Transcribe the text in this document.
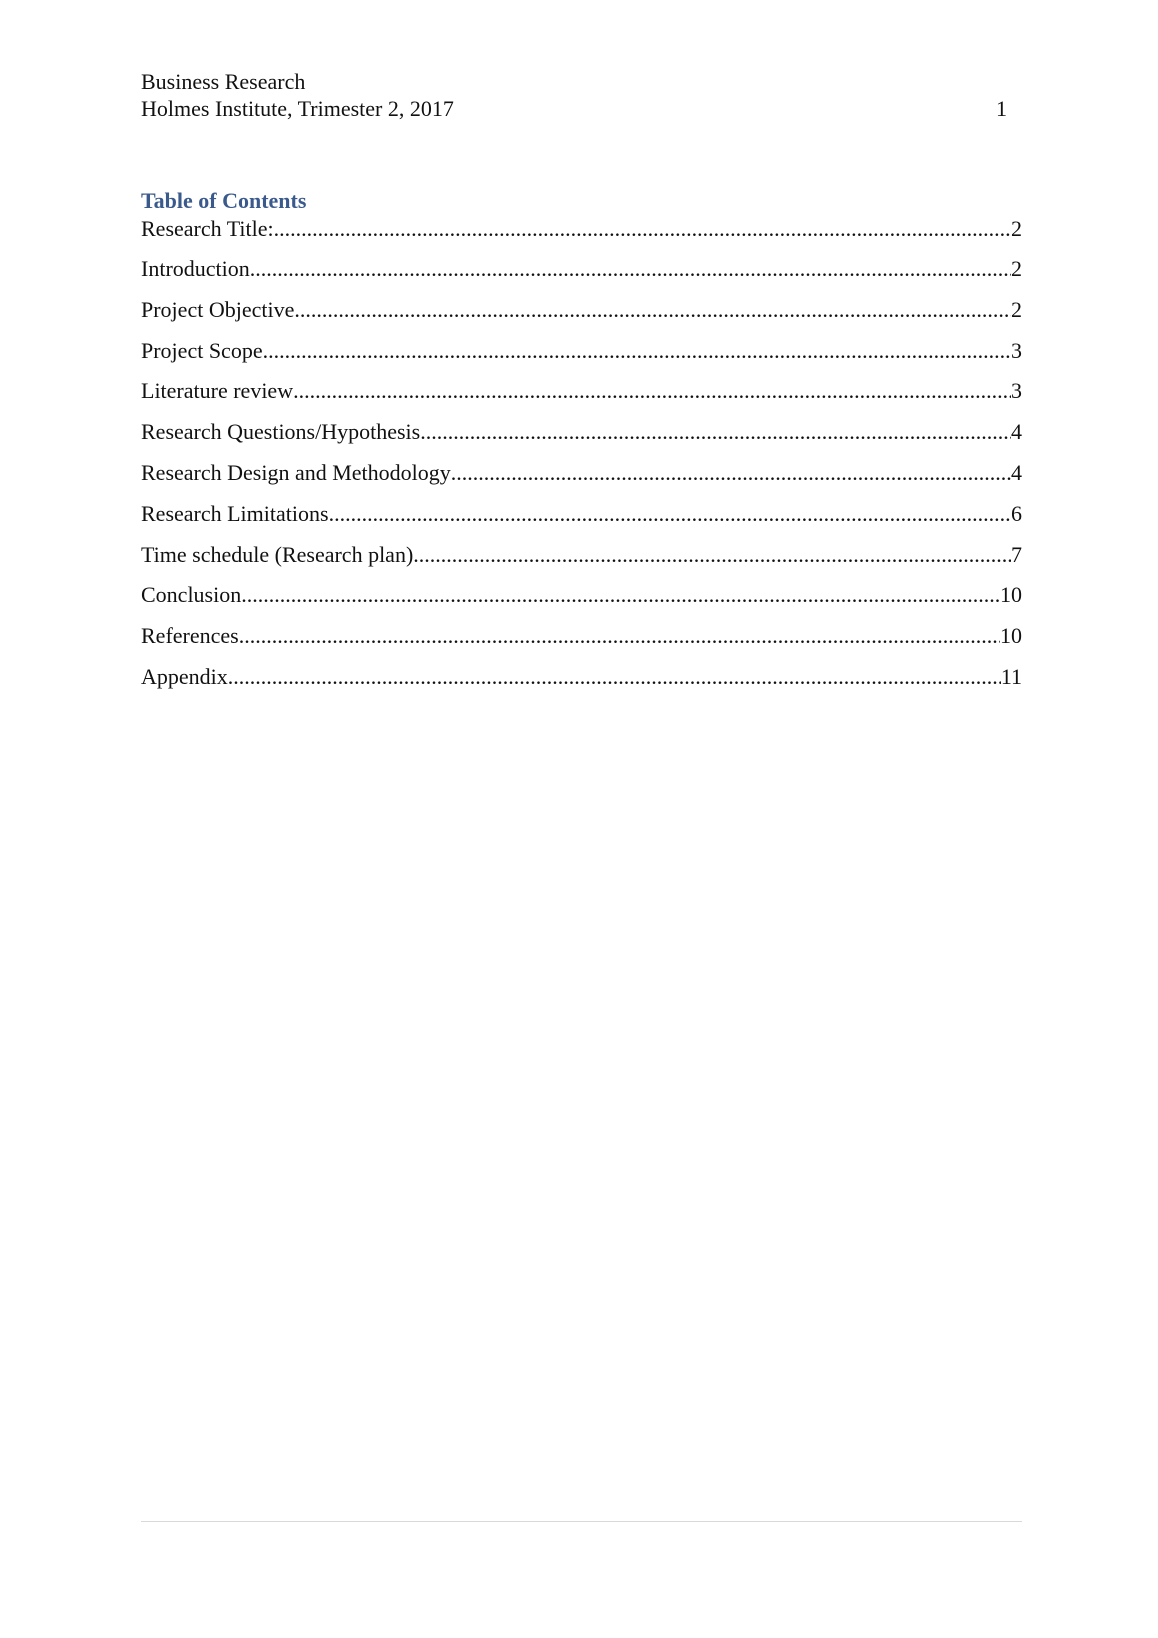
Business Research
Holmes Institute, Trimester 2, 2017	1
Table of Contents
Research Title: .....	2
Introduction .....	2
Project Objective .....	2
Project Scope .....	3
Literature review .....	3
Research Questions/Hypothesis .....	4
Research Design and Methodology .....	4
Research Limitations .....	6
Time schedule (Research plan) .....	7
Conclusion .....	10
References .....	10
Appendix .....	11
